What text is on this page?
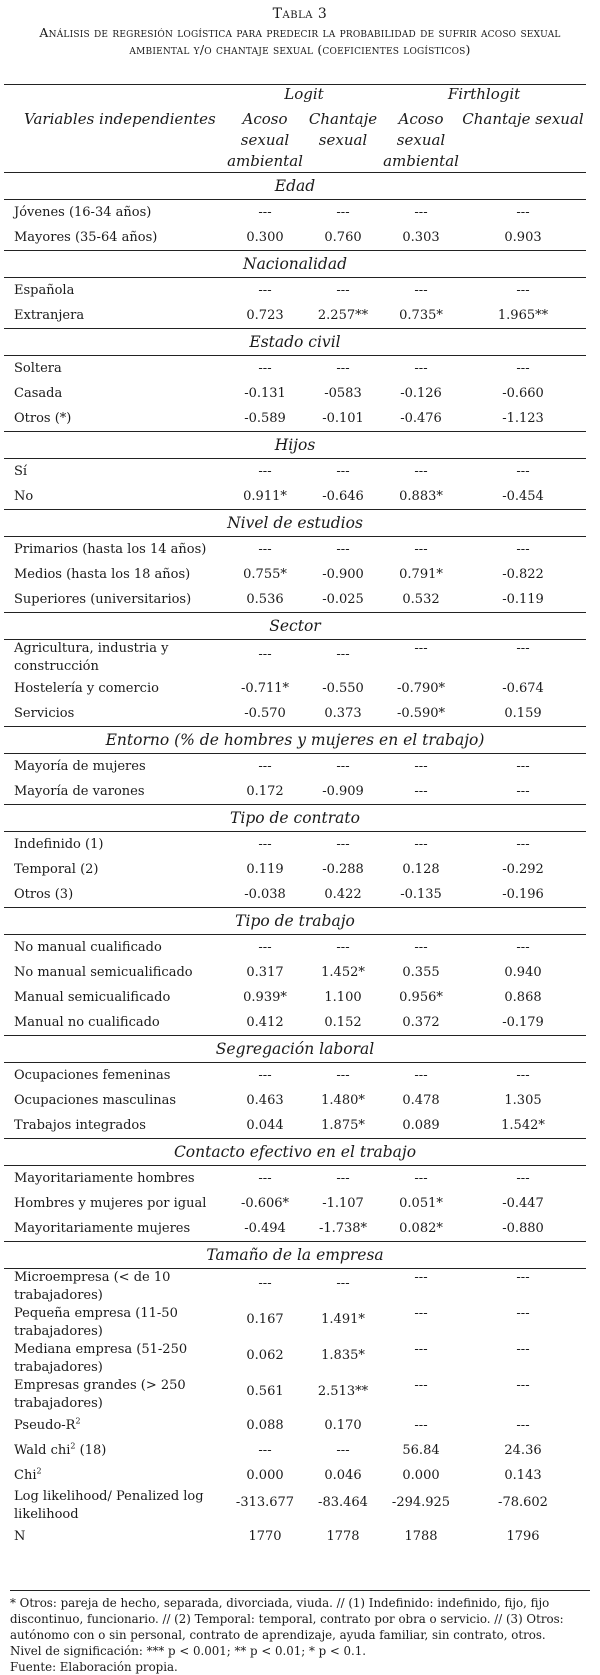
Tabla 3
Análisis de regresión logística para predecir la probabilidad de sufrir acoso sexual ambiental y/o chantaje sexual (coeficientes logísticos)

	Logit		Firthlogit	
Variables independientes	Acoso sexual ambiental	Chantaje sexual	Acoso sexual ambiental	Chantaje sexual
Edad				
Jóvenes (16-34 años)	---	---	---	---
Mayores (35-64 años)	0.300	0.760	0.303	0.903
Nacionalidad				
Española	---	---	---	---
Extranjera	0.723	2.257**	0.735*	1.965**
Estado civil				
Soltera	---	---	---	---
Casada	-0.131	-0583	-0.126	-0.660
Otros (*)	-0.589	-0.101	-0.476	-1.123
Hijos				
Sí	---	---	---	---
No	0.911*	-0.646	0.883*	-0.454
Nivel de estudios				
Primarios (hasta los 14 años)	---	---	---	---
Medios (hasta los 18 años)	0.755*	-0.900	0.791*	-0.822
Superiores (universitarios)	0.536	-0.025	0.532	-0.119
Sector				
Agricultura, industria y construcción	---	---	---	---
Hostelería y comercio	-0.711*	-0.550	-0.790*	-0.674
Servicios	-0.570	0.373	-0.590*	0.159
Entorno (% de hombres y mujeres en el trabajo)				
Mayoría de mujeres	---	---	---	---
Mayoría de varones	0.172	-0.909	---	---
Tipo de contrato				
Indefinido (1)	---	---	---	---
Temporal (2)	0.119	-0.288	0.128	-0.292
Otros (3)	-0.038	0.422	-0.135	-0.196
Tipo de trabajo				
No manual cualificado	---	---	---	---
No manual semicualificado	0.317	1.452*	0.355	0.940
Manual semicualificado	0.939*	1.100	0.956*	0.868
Manual no cualificado	0.412	0.152	0.372	-0.179
Segregación laboral				
Ocupaciones femeninas	---	---	---	---
Ocupaciones masculinas	0.463	1.480*	0.478	1.305
Trabajos integrados	0.044	1.875*	0.089	1.542*
Contacto efectivo en el trabajo				
Mayoritariamente hombres	---	---	---	---
Hombres y mujeres por igual	-0.606*	-1.107	0.051*	-0.447
Mayoritariamente mujeres	-0.494	-1.738*	0.082*	-0.880
Tamaño de la empresa				
Microempresa (< de 10 trabajadores)	---	---	---	---
Pequeña empresa (11-50 trabajadores)	0.167	1.491*	---	---
Mediana empresa (51-250 trabajadores)	0.062	1.835*	---	---
Empresas grandes (> 250 trabajadores)	0.561	2.513**	---	---
Pseudo-$R^2$	0.088	0.170	---	---
Wald chi$^2$ (18)	---	---	56.84	24.36
Chi$^2$	0.000	0.046	0.000	0.143
Log likelihood/ Penalized log likelihood	-313.677	-83.464	-294.925	-78.602
N	1770	1778	1788	1796

* Otros: pareja de hecho, separada, divorciada, viuda. // (1) Indefinido: indefinido, fijo, fijo discontinuo, funcionario. // (2) Temporal: temporal, contrato por obra o servicio. // (3) Otros: autónomo con o sin personal, contrato de aprendizaje, ayuda familiar, sin contrato, otros.

Nivel de significación: *** p < 0.001; ** p < 0.01; * p < 0.1.

Fuente: Elaboración propia.
